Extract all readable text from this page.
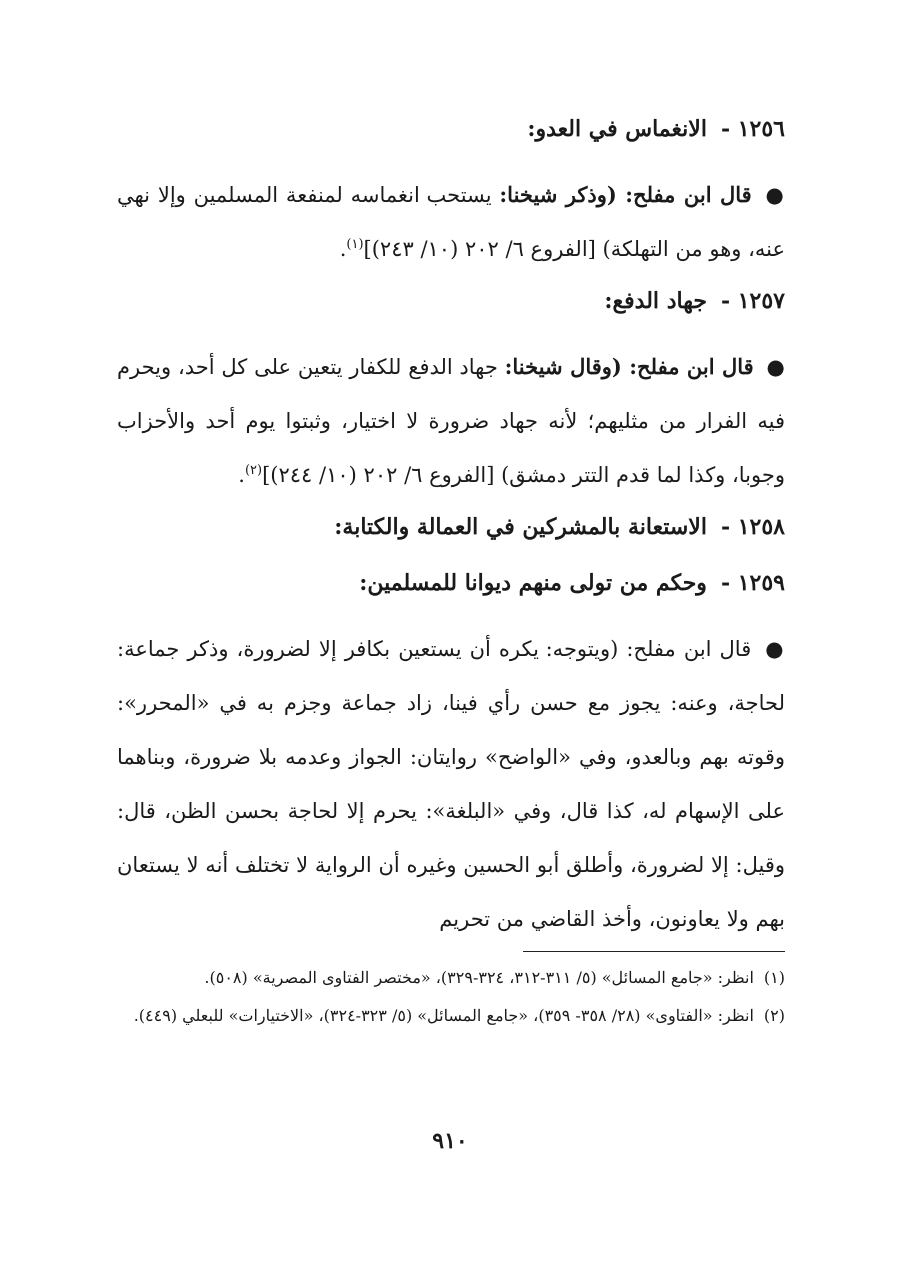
١٢٥٦ -الانغماس في العدو:

● قال ابن مفلح: (وذكر شيخنا: يستحب انغماسه لمنفعة المسلمين وإلا نهي عنه، وهو من التهلكة) [الفروع ٦/ ٢٠٢ (١٠/ ٢٤٣)]$^{(١)}$.

١٢٥٧ -جهاد الدفع:

● قال ابن مفلح: (وقال شيخنا: جهاد الدفع للكفار يتعين على كل أحد، ويحرم فيه الفرار من مثليهم؛ لأنه جهاد ضرورة لا اختيار، وثبتوا يوم أحد والأحزاب وجوبا، وكذا لما قدم التتر دمشق) [الفروع ٦/ ٢٠٢ (١٠/ ٢٤٤)]$^{(٢)}$.

١٢٥٨ -الاستعانة بالمشركين في العمالة والكتابة:
١٢٥٩ -وحكم من تولى منهم ديوانا للمسلمين:

● قال ابن مفلح: (ويتوجه: يكره أن يستعين بكافر إلا لضرورة، وذكر جماعة: لحاجة، وعنه: يجوز مع حسن رأي فينا، زاد جماعة وجزم به في «المحرر»: وقوته بهم وبالعدو، وفي «الواضح» روايتان: الجواز وعدمه بلا ضرورة، وبناهما على الإسهام له، كذا قال، وفي «البلغة»: يحرم إلا لحاجة بحسن الظن، قال: وقيل: إلا لضرورة، وأطلق أبو الحسين وغيره أن الرواية لا تختلف أنه لا يستعان بهم ولا يعاونون، وأخذ القاضي من تحريم

(١)انظر: «جامع المسائل» (٥/ ٣١١-٣١٢، ٣٢٤-٣٢٩)، «مختصر الفتاوى المصرية» (٥٠٨).

(٢)انظر: «الفتاوى» (٢٨/ ٣٥٨- ٣٥٩)، «جامع المسائل» (٥/ ٣٢٣-٣٢٤)، «الاختيارات» للبعلي (٤٤٩).

٩١٠
